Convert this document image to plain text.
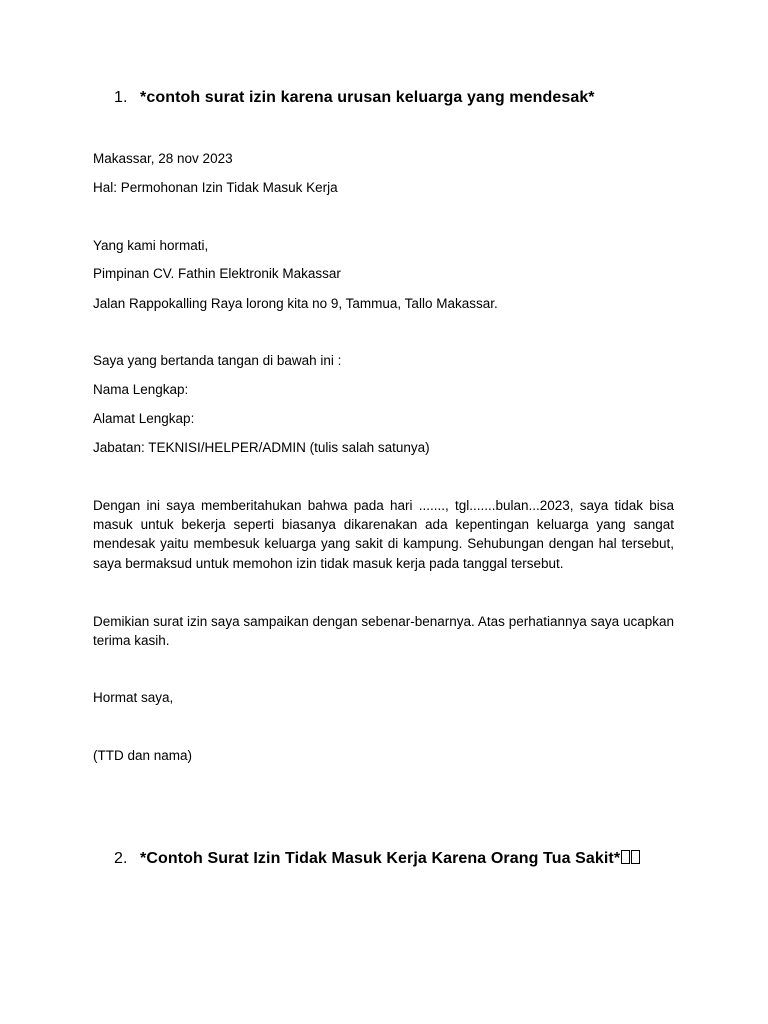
1. *contoh surat izin karena urusan keluarga yang mendesak*
Makassar, 28 nov 2023
Hal: Permohonan Izin Tidak Masuk Kerja
Yang kami hormati,
Pimpinan CV. Fathin Elektronik Makassar
Jalan Rappokalling Raya lorong kita no 9, Tammua, Tallo Makassar.
Saya yang bertanda tangan di bawah ini :
Nama Lengkap:
Alamat Lengkap:
Jabatan: TEKNISI/HELPER/ADMIN (tulis salah satunya)
Dengan ini saya memberitahukan bahwa pada hari ......., tgl.......bulan...2023, saya tidak bisa masuk untuk bekerja seperti biasanya dikarenakan ada kepentingan keluarga yang sangat mendesak yaitu membesuk keluarga yang sakit di kampung. Sehubungan dengan hal tersebut, saya bermaksud untuk memohon izin tidak masuk kerja pada tanggal tersebut.
Demikian surat izin saya sampaikan dengan sebenar-benarnya. Atas perhatiannya saya ucapkan terima kasih.
Hormat saya,
(TTD dan nama)
2. *Contoh Surat Izin Tidak Masuk Kerja Karena Orang Tua Sakit*
